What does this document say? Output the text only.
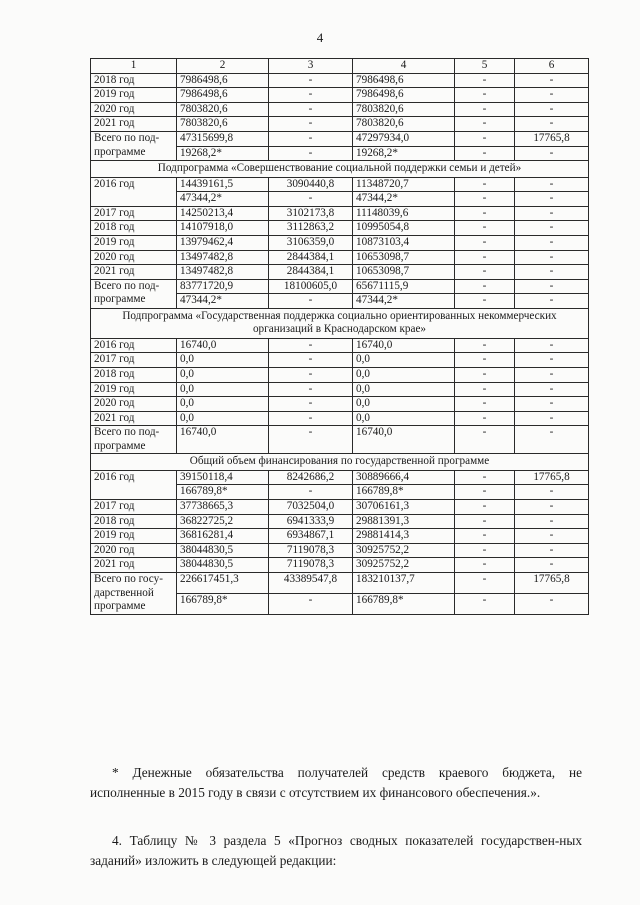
4
1	2	3	4	5	6
2018 год	7986498,6	-	7986498,6	-	-
2019 год	7986498,6	-	7986498,6	-	-
2020 год	7803820,6	-	7803820,6	-	-
2021 год	7803820,6	-	7803820,6	-	-
Всего по под-программе	47315699,8	-	47297934,0	-	17765,8
	19268,2*	-	19268,2*	-	-
Подпрограмма «Совершенствование социальной поддержки семьи и детей»					
2016 год	14439161,5	3090440,8	11348720,7	-	-
	47344,2*	-	47344,2*	-	-
2017 год	14250213,4	3102173,8	11148039,6	-	-
2018 год	14107918,0	3112863,2	10995054,8	-	-
2019 год	13979462,4	3106359,0	10873103,4	-	-
2020 год	13497482,8	2844384,1	10653098,7	-	-
2021 год	13497482,8	2844384,1	10653098,7	-	-
Всего по под-программе	83771720,9	18100605,0	65671115,9	-	-
	47344,2*	-	47344,2*	-	-
Подпрограмма «Государственная поддержка социально ориентированных некоммерческих организаций в Краснодарском крае»					
2016 год	16740,0	-	16740,0	-	-
2017 год	0,0	-	0,0	-	-
2018 год	0,0	-	0,0	-	-
2019 год	0,0	-	0,0	-	-
2020 год	0,0	-	0,0	-	-
2021 год	0,0	-	0,0	-	-
Всего по под-программе	16740,0	-	16740,0	-	-
Общий объем финансирования по государственной программе					
2016 год	39150118,4	8242686,2	30889666,4	-	17765,8
	166789,8*	-	166789,8*	-	-
2017 год	37738665,3	7032504,0	30706161,3	-	-
2018 год	36822725,2	6941333,9	29881391,3	-	-
2019 год	36816281,4	6934867,1	29881414,3	-	-
2020 год	38044830,5	7119078,3	30925752,2	-	-
2021 год	38044830,5	7119078,3	30925752,2	-	-
Всего по госу-дарственной программе	226617451,3	43389547,8	183210137,7	-	17765,8
	166789,8*	-	166789,8*	-	-

* Денежные обязательства получателей средств краевого бюджета, не исполненные в 2015 году в связи с отсутствием их финансового обеспечения.».

4. Таблицу № 3 раздела 5 «Прогноз сводных показателей государствен-ных заданий» изложить в следующей редакции:
